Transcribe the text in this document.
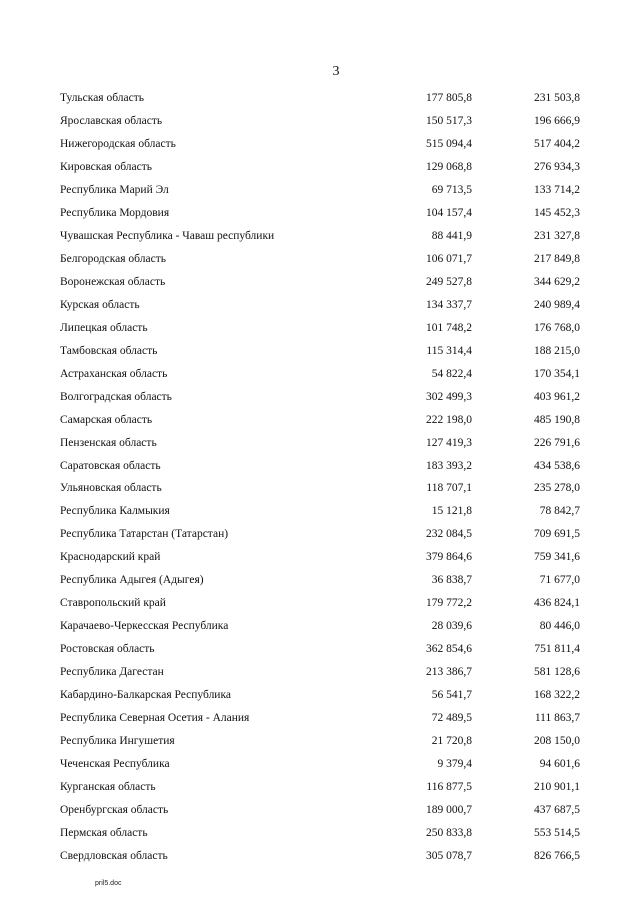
3
Тульская область	177 805,8	231 503,8
Ярославская область	150 517,3	196 666,9
Нижегородская область	515 094,4	517 404,2
Кировская область	129 068,8	276 934,3
Республика Марий Эл	69 713,5	133 714,2
Республика Мордовия	104 157,4	145 452,3
Чувашская Республика - Чаваш республики	88 441,9	231 327,8
Белгородская область	106 071,7	217 849,8
Воронежская область	249 527,8	344 629,2
Курская область	134 337,7	240 989,4
Липецкая область	101 748,2	176 768,0
Тамбовская область	115 314,4	188 215,0
Астраханская область	54 822,4	170 354,1
Волгоградская область	302 499,3	403 961,2
Самарская область	222 198,0	485 190,8
Пензенская область	127 419,3	226 791,6
Саратовская область	183 393,2	434 538,6
Ульяновская область	118 707,1	235 278,0
Республика Калмыкия	15 121,8	78 842,7
Республика Татарстан (Татарстан)	232 084,5	709 691,5
Краснодарский край	379 864,6	759 341,6
Республика Адыгея (Адыгея)	36 838,7	71 677,0
Ставропольский край	179 772,2	436 824,1
Карачаево-Черкесская Республика	28 039,6	80 446,0
Ростовская область	362 854,6	751 811,4
Республика Дагестан	213 386,7	581 128,6
Кабардино-Балкарская Республика	56 541,7	168 322,2
Республика Северная Осетия - Алания	72 489,5	111 863,7
Республика Ингушетия	21 720,8	208 150,0
Чеченская Республика	9 379,4	94 601,6
Курганская область	116 877,5	210 901,1
Оренбургская область	189 000,7	437 687,5
Пермская область	250 833,8	553 514,5
Свердловская область	305 078,7	826 766,5
pril5.doc
